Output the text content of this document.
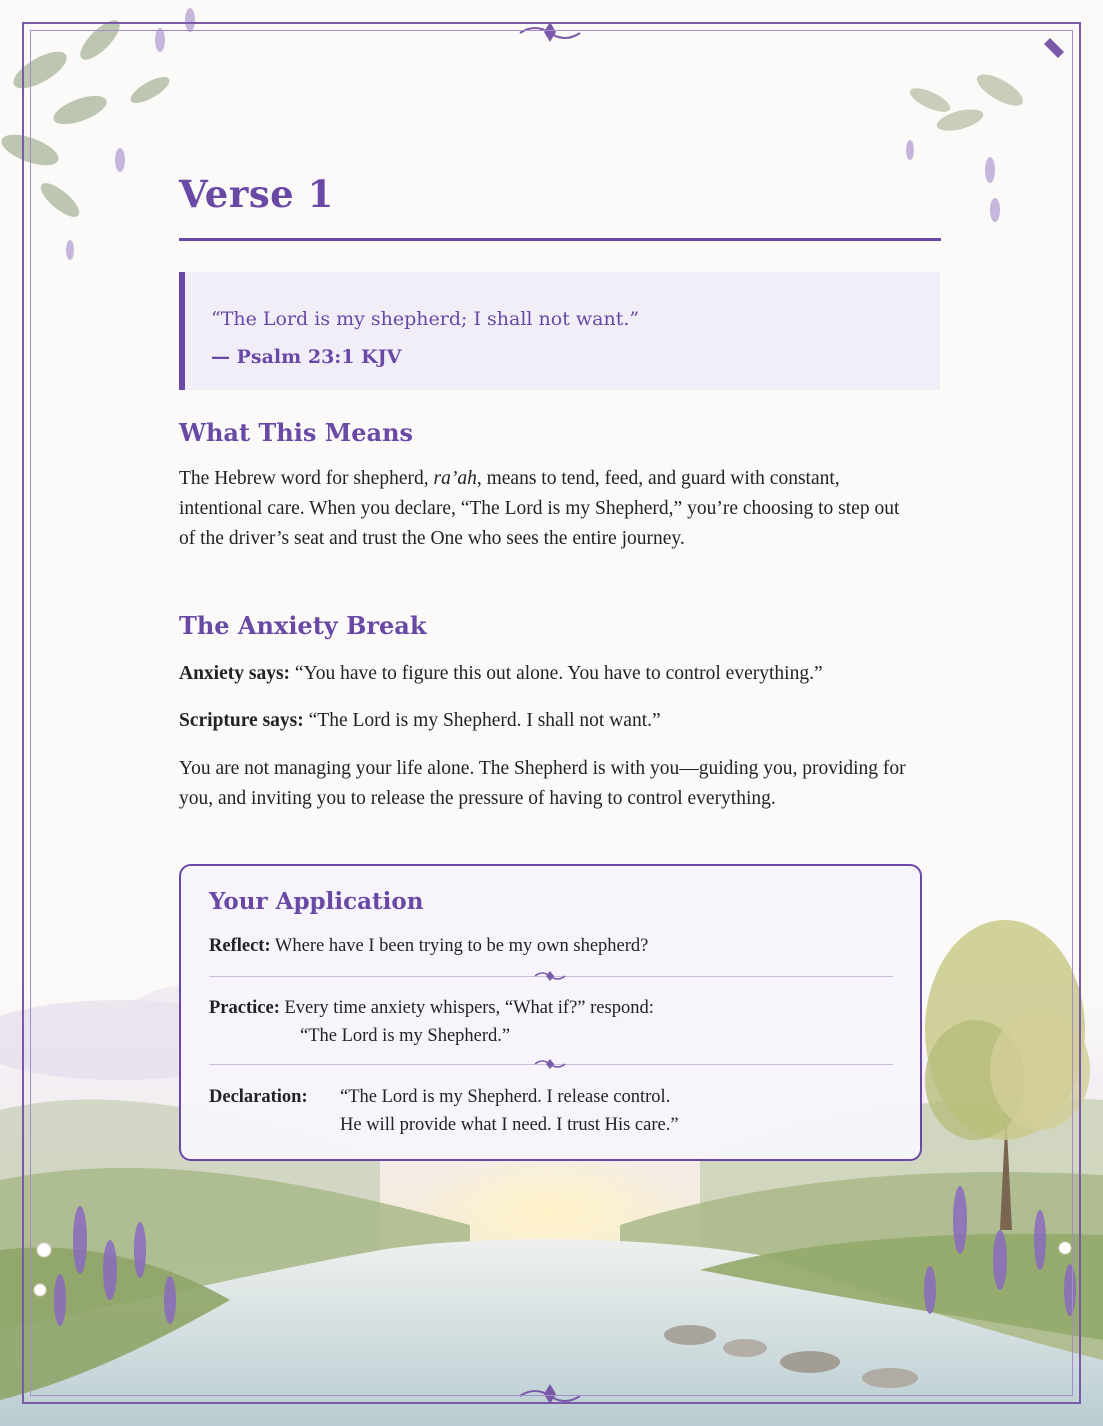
Verse 1

“The Lord is my shepherd; I shall not want.”

— Psalm 23:1 KJV

What This Means

The Hebrew word for shepherd, ra’ah, means to tend, feed, and guard with constant, intentional care. When you declare, “The Lord is my Shepherd,” you’re choosing to step out of the driver’s seat and trust the One who sees the entire journey.

The Anxiety Break

Anxiety says: “You have to figure this out alone. You have to control everything.”

Scripture says: “The Lord is my Shepherd. I shall not want.”

You are not managing your life alone. The Shepherd is with you—guiding you, providing for you, and inviting you to release the pressure of having to control everything.

Your Application

Reflect: Where have I been trying to be my own shepherd?

Practice: Every time anxiety whispers, “What if?” respond:

“The Lord is my Shepherd.”

Declaration: “The Lord is my Shepherd. I release control.

He will provide what I need. I trust His care.”
